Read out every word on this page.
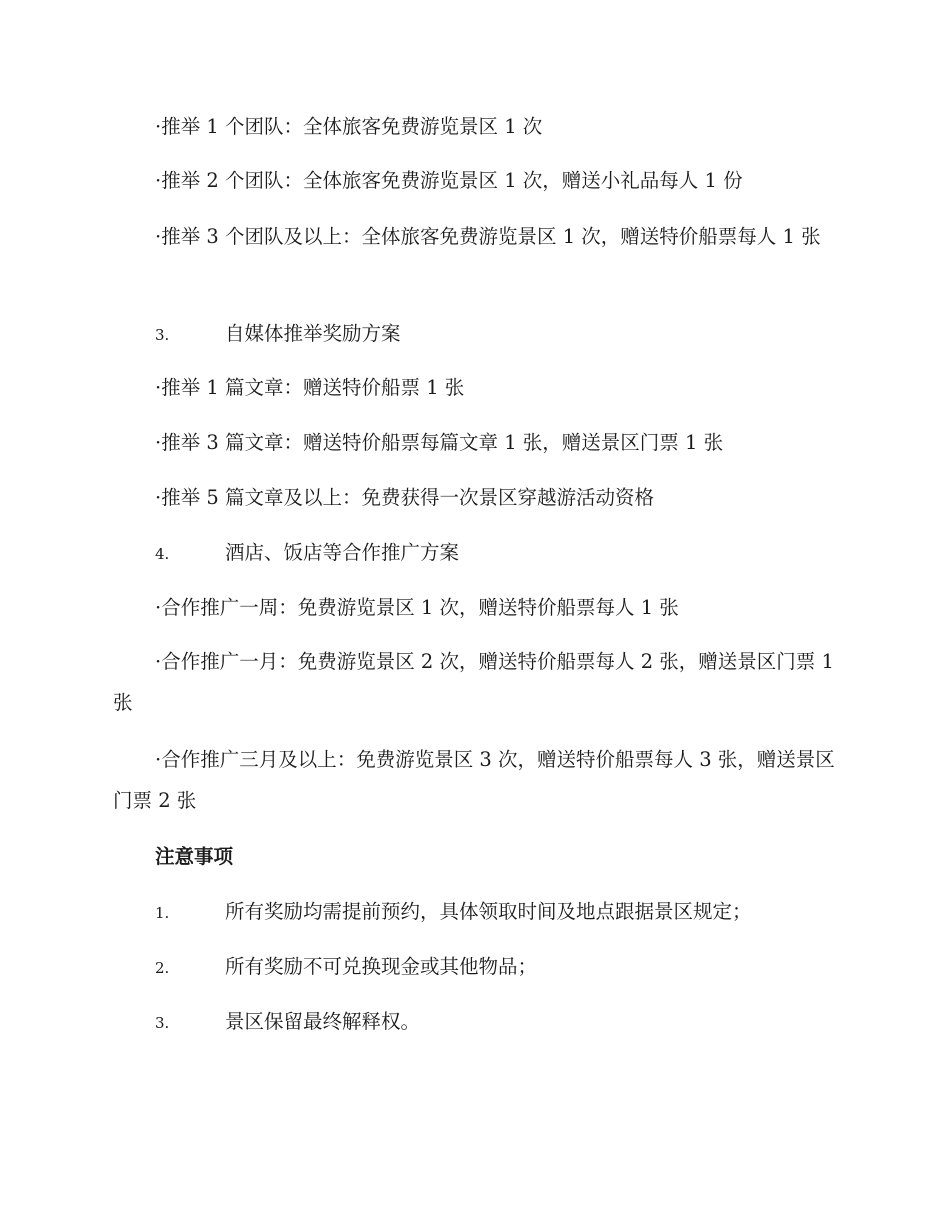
·推举 1 个团队：全体旅客免费游览景区 1 次
·推举 2 个团队：全体旅客免费游览景区 1 次，赠送小礼品每人 1 份
·推举 3 个团队及以上：全体旅客免费游览景区 1 次，赠送特价船票每人 1 张
3.	自媒体推举奖励方案
·推举 1 篇文章：赠送特价船票 1 张
·推举 3 篇文章：赠送特价船票每篇文章 1 张，赠送景区门票 1 张
·推举 5 篇文章及以上：免费获得一次景区穿越游活动资格
4.	酒店、饭店等合作推广方案
·合作推广一周：免费游览景区 1 次，赠送特价船票每人 1 张
·合作推广一月：免费游览景区 2 次，赠送特价船票每人 2 张，赠送景区门票 1 张
·合作推广三月及以上：免费游览景区 3 次，赠送特价船票每人 3 张，赠送景区门票 2 张
注意事项
1.	所有奖励均需提前预约，具体领取时间及地点跟据景区规定；
2.	所有奖励不可兑换现金或其他物品；
3.	景区保留最终解释权。
